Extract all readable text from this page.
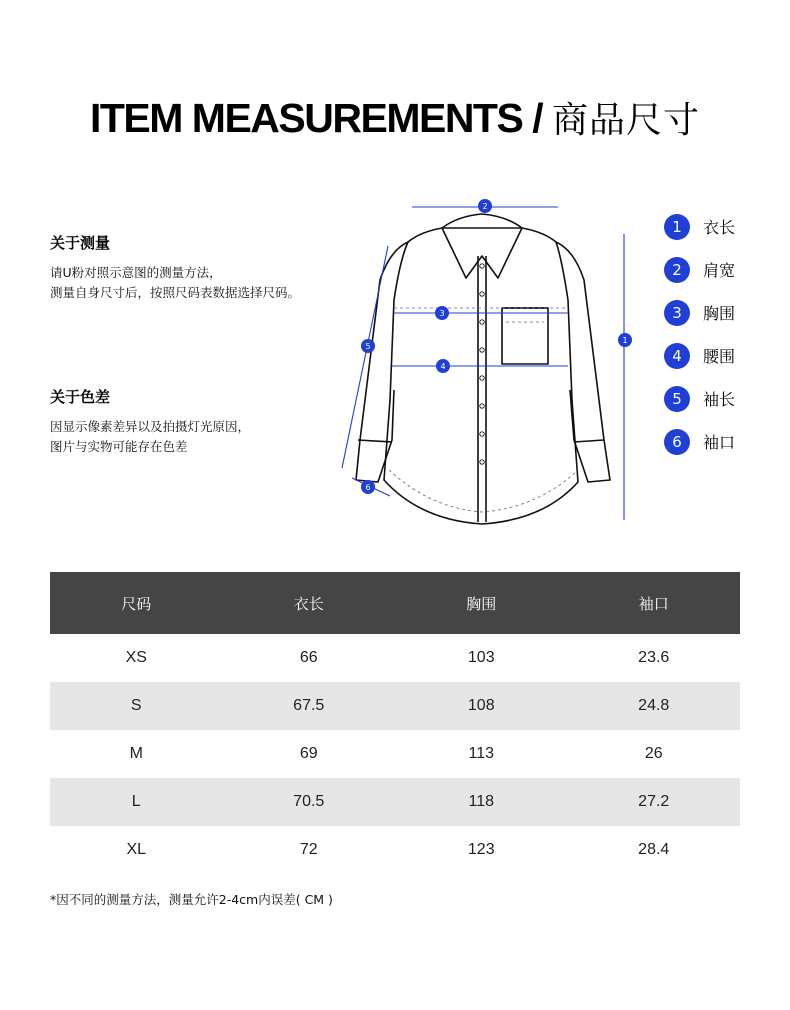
ITEM MEASUREMENTS / 商品尺寸
关于测量
请U粉对照示意图的测量方法，
测量自身尺寸后，按照尺码表数据选择尺码。
关于色差
因显示像素差异以及拍摄灯光原因，
图片与实物可能存在色差
2
3
4
1
5
6
1	衣长
2	肩宽
3	胸围
4	腰围
5	袖长
6	袖口
尺码	衣长	胸围	袖口
XS	66	103	23.6
S	67.5	108	24.8
M	69	113	26
L	70.5	118	27.2
XL	72	123	28.4
*因不同的测量方法，测量允许2-4cm内误差( CM )
